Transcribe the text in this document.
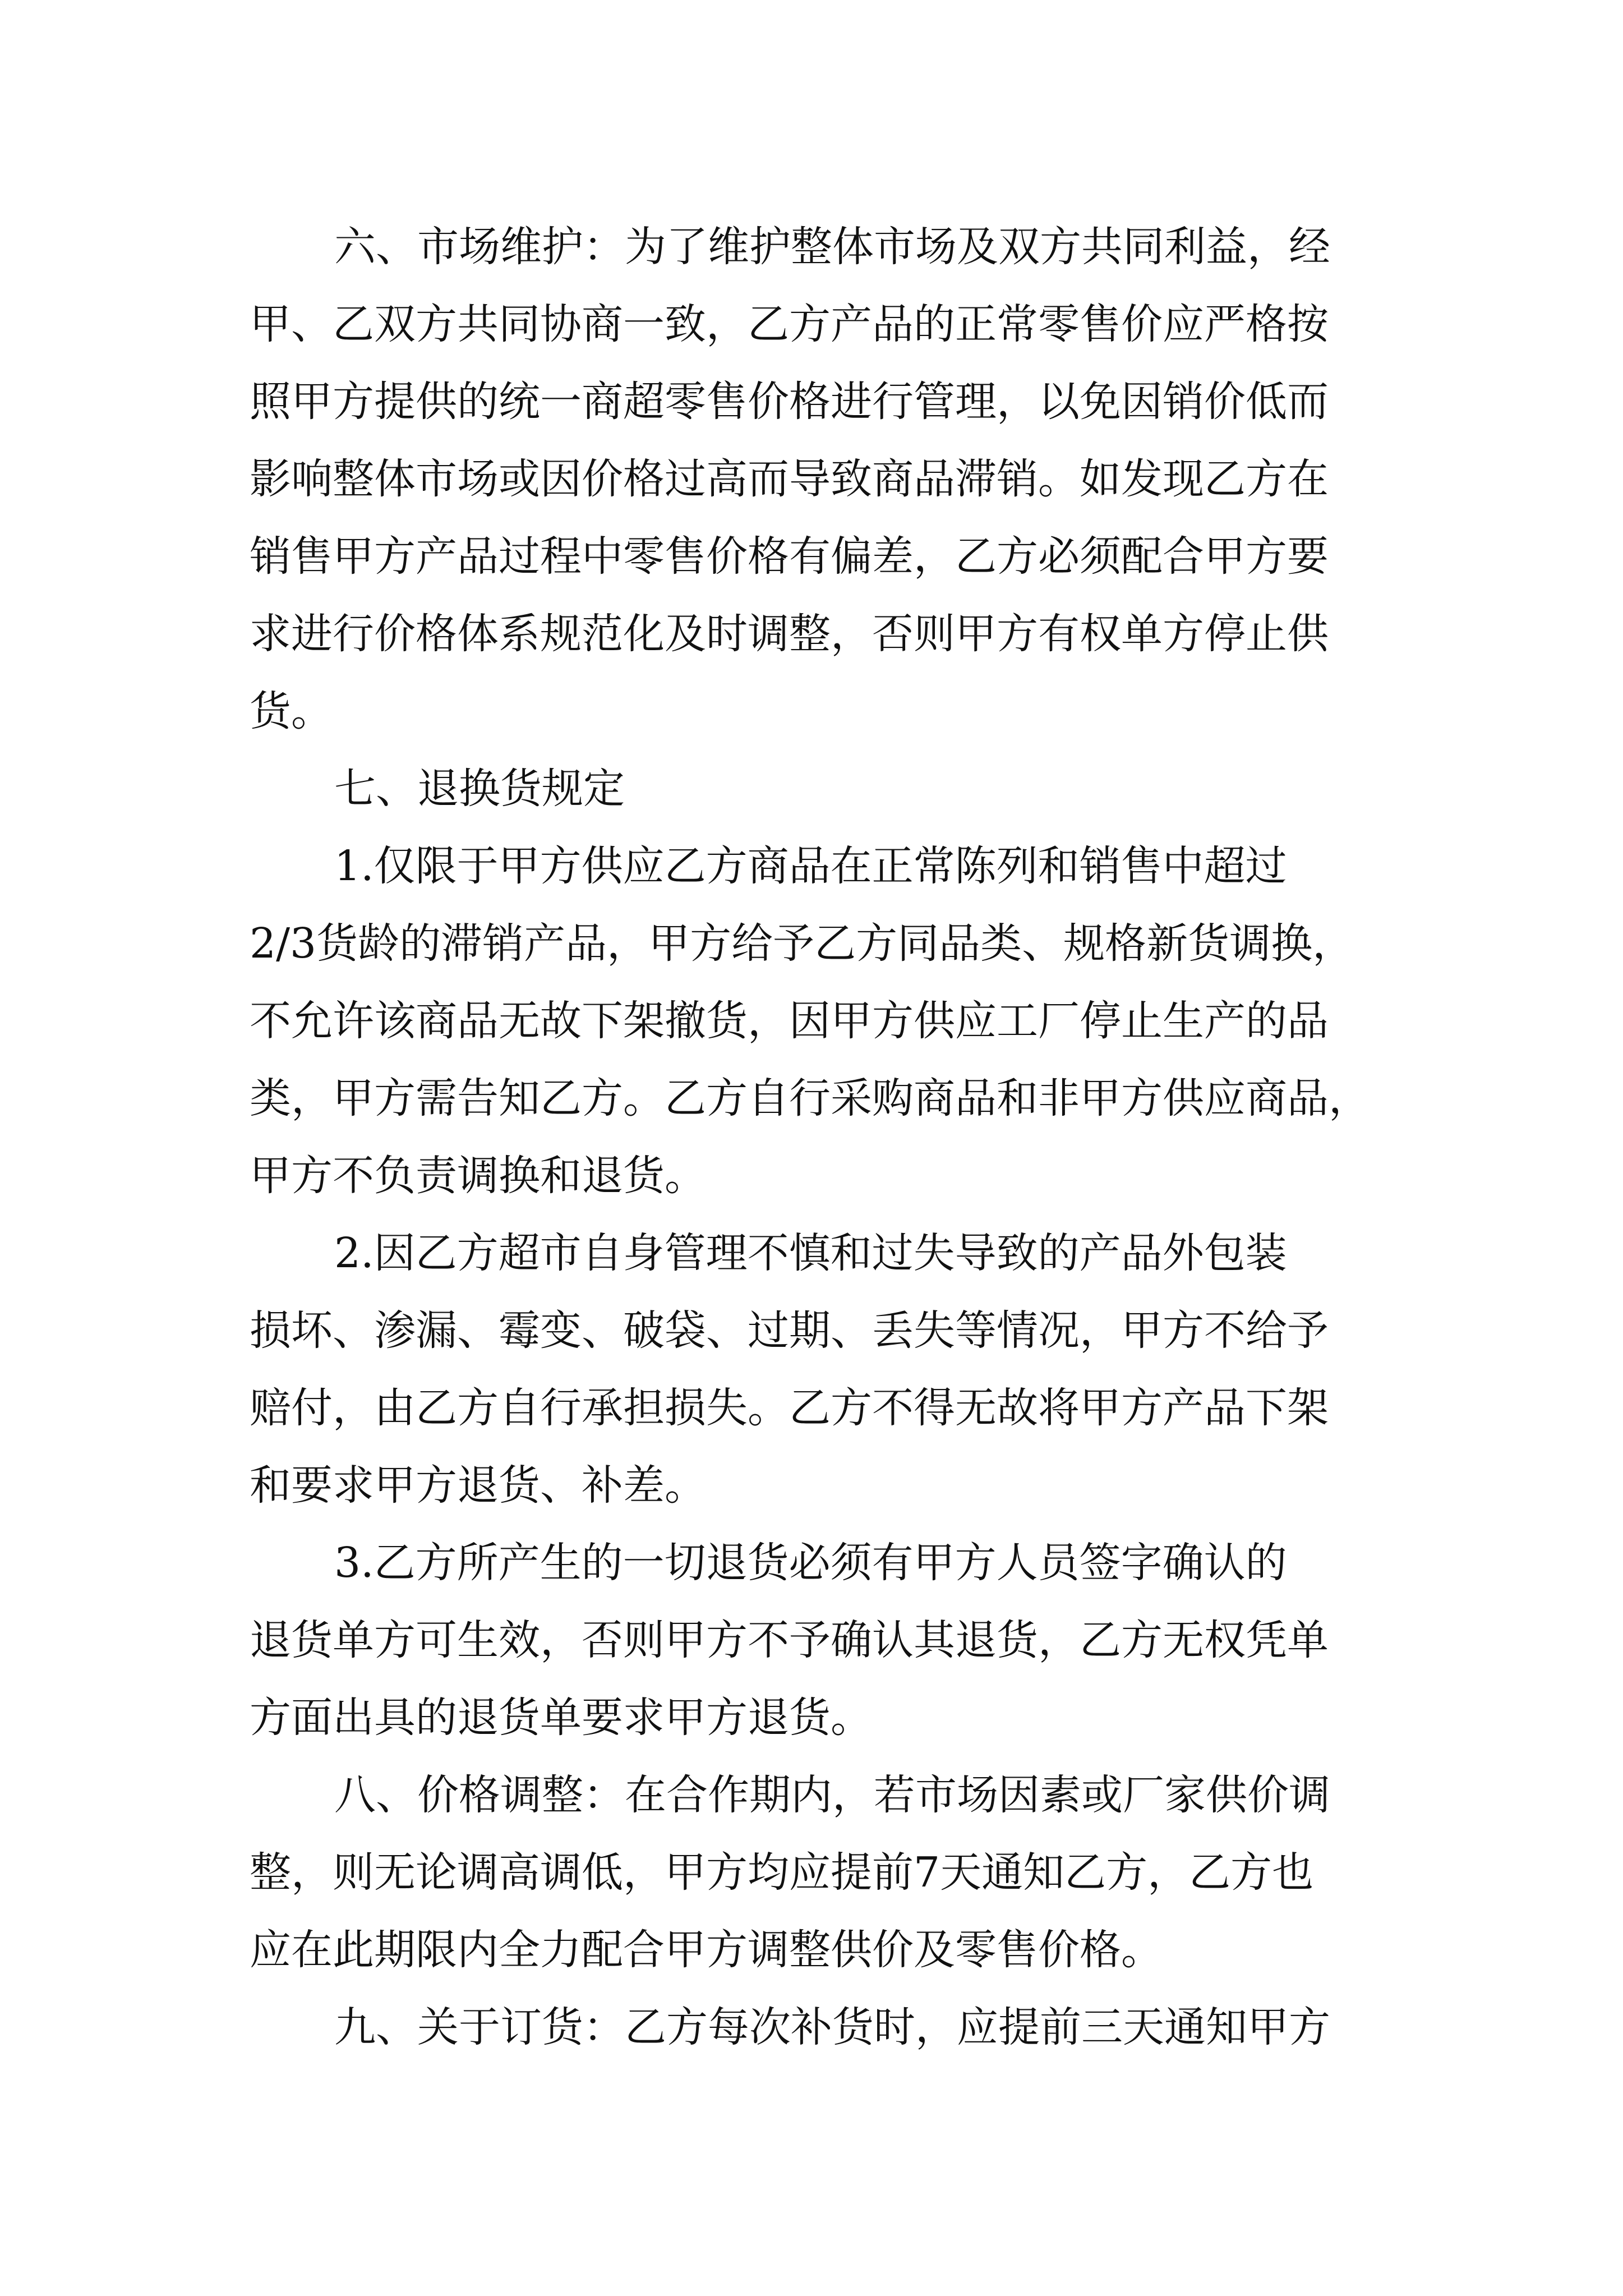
六、市场维护：为了维护整体市场及双方共同利益，经
甲、乙双方共同协商一致，乙方产品的正常零售价应严格按
照甲方提供的统一商超零售价格进行管理，以免因销价低而
影响整体市场或因价格过高而导致商品滞销。如发现乙方在
销售甲方产品过程中零售价格有偏差，乙方必须配合甲方要
求进行价格体系规范化及时调整，否则甲方有权单方停止供
货。
七、退换货规定
1.仅限于甲方供应乙方商品在正常陈列和销售中超过
2/3货龄的滞销产品，甲方给予乙方同品类、规格新货调换，
不允许该商品无故下架撤货，因甲方供应工厂停止生产的品
类，甲方需告知乙方。乙方自行采购商品和非甲方供应商品，
甲方不负责调换和退货。
2.因乙方超市自身管理不慎和过失导致的产品外包装
损坏、渗漏、霉变、破袋、过期、丢失等情况，甲方不给予
赔付，由乙方自行承担损失。乙方不得无故将甲方产品下架
和要求甲方退货、补差。
3.乙方所产生的一切退货必须有甲方人员签字确认的
退货单方可生效，否则甲方不予确认其退货，乙方无权凭单
方面出具的退货单要求甲方退货。
八、价格调整：在合作期内，若市场因素或厂家供价调
整，则无论调高调低，甲方均应提前7天通知乙方，乙方也
应在此期限内全力配合甲方调整供价及零售价格。
九、关于订货：乙方每次补货时，应提前三天通知甲方
